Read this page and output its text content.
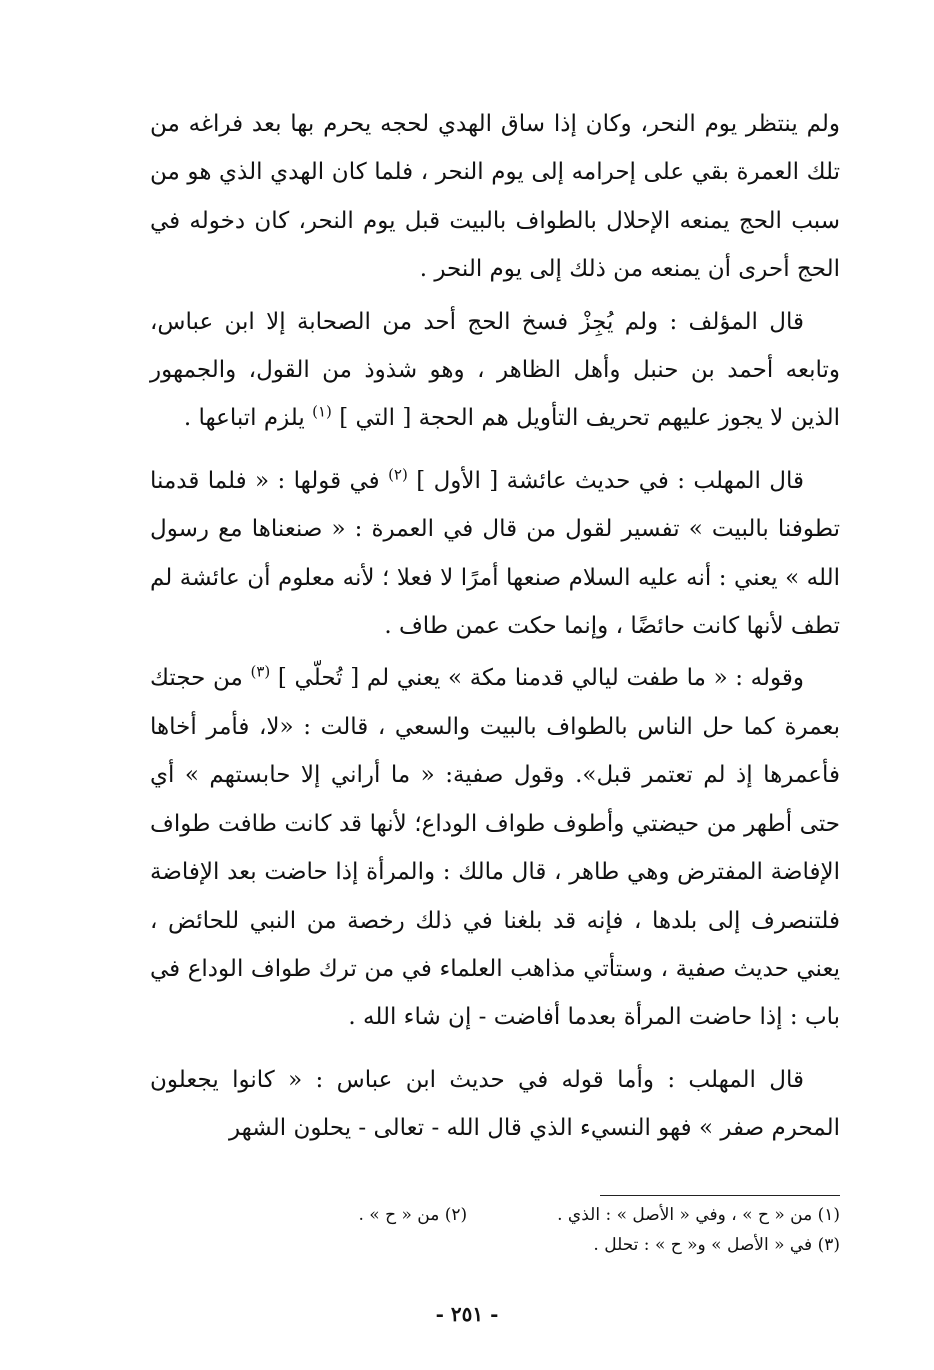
ولم ينتظر يوم النحر، وكان إذا ساق الهدي لحجه يحرم بها بعد فراغه من تلك العمرة بقي على إحرامه إلى يوم النحر ، فلما كان الهدي الذي هو من سبب الحج يمنعه الإحلال بالطواف بالبيت قبل يوم النحر، كان دخوله في الحج أحرى أن يمنعه من ذلك إلى يوم النحر .

قال المؤلف : ولم يُجِزْ فسخ الحج أحد من الصحابة إلا ابن عباس، وتابعه أحمد بن حنبل وأهل الظاهر ، وهو شذوذ من القول، والجمهور الذين لا يجوز عليهم تحريف التأويل هم الحجة [ التي ] $^{(١)}$ يلزم اتباعها .

قال المهلب : في حديث عائشة [ الأول ] $^{(٢)}$ في قولها : « فلما قدمنا تطوفنا بالبيت » تفسير لقول من قال في العمرة : « صنعناها مع رسول الله » يعني : أنه عليه السلام صنعها أمرًا لا فعلا ؛ لأنه معلوم أن عائشة لم تطف لأنها كانت حائضًا ، وإنما حكت عمن طاف .

وقوله : « ما طفت ليالي قدمنا مكة » يعني لم [ تُحلّي ] $^{(٣)}$ من حجتك بعمرة كما حل الناس بالطواف بالبيت والسعي ، قالت : «لا، فأمر أخاها فأعمرها إذ لم تعتمر قبل». وقول صفية: « ما أراني إلا حابستهم » أي حتى أطهر من حيضتي وأطوف طواف الوداع؛ لأنها قد كانت طافت طواف الإفاضة المفترض وهي طاهر ، قال مالك : والمرأة إذا حاضت بعد الإفاضة فلتنصرف إلى بلدها ، فإنه قد بلغنا في ذلك رخصة من النبي للحائض ، يعني حديث صفية ، وستأتي مذاهب العلماء في من ترك طواف الوداع في باب : إذا حاضت المرأة بعدما أفاضت - إن شاء الله .

قال المهلب : وأما قوله في حديث ابن عباس : « كانوا يجعلون المحرم صفر » فهو النسيء الذي قال الله - تعالى - يحلون الشهر

(١) من « ح » ، وفي « الأصل » : الذي .
(٢) من « ح » .
(٣) في « الأصل » و« ح » : تحلل .
- ٢٥١ -
